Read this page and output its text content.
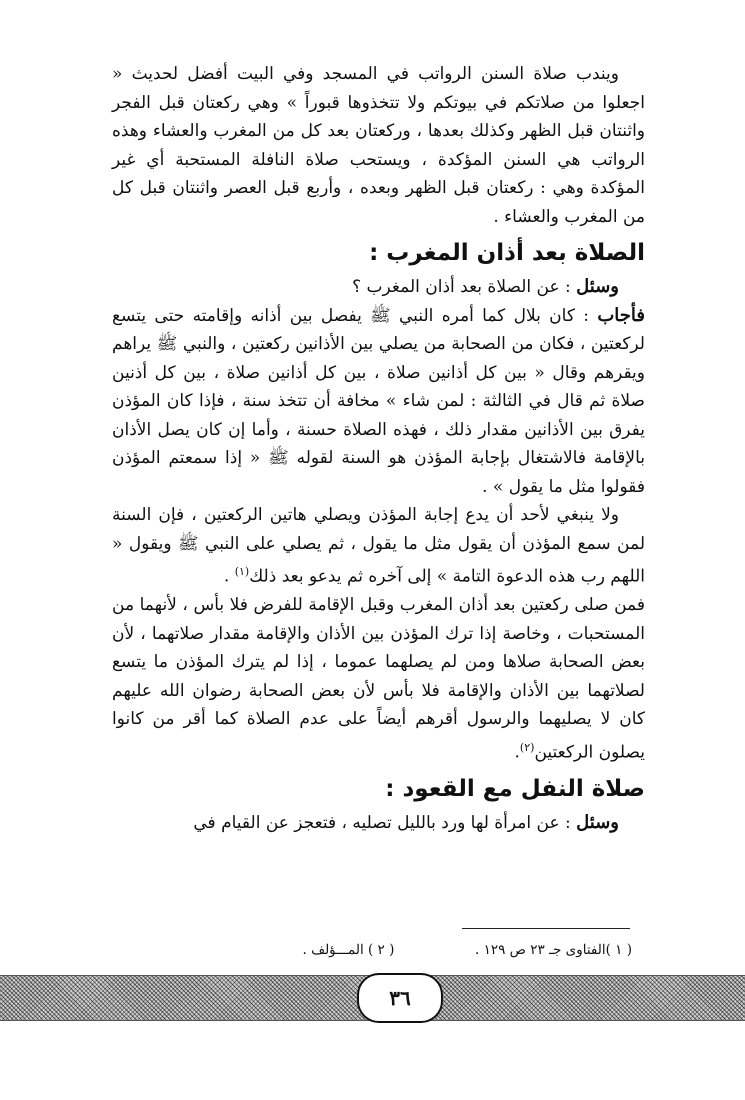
ويندب صلاة السنن الرواتب في المسجد وفي البيت أفضل لحديث « اجعلوا من صلاتكم في بيوتكم ولا تتخذوها قبوراً » وهي ركعتان قبل الفجر واثنتان قبل الظهر وكذلك بعدها ، وركعتان بعد كل من المغرب والعشاء وهذه الرواتب هي السنن المؤكدة ، ويستحب صلاة النافلة المستحبة أي غير المؤكدة وهي : ركعتان قبل الظهر وبعده ، وأربع قبل العصر واثنتان قبل كل من المغرب والعشاء .

الصلاة بعد أذان المغرب :

وسئل : عن الصلاة بعد أذان المغرب ؟

فأجاب : كان بلال كما أمره النبي ﷺ يفصل بين أذانه وإقامته حتى يتسع لركعتين ، فكان من الصحابة من يصلي بين الأذانين ركعتين ، والنبي ﷺ يراهم ويقرهم وقال « بين كل أذانين صلاة ، بين كل أذانين صلاة ، بين كل أذنين صلاة ثم قال في الثالثة : لمن شاء » مخافة أن تتخذ سنة ، فإذا كان المؤذن يفرق بين الأذانين مقدار ذلك ، فهذه الصلاة حسنة ، وأما إن كان يصل الأذان بالإقامة فالاشتغال بإجابة المؤذن هو السنة لقوله ﷺ « إذا سمعتم المؤذن فقولوا مثل ما يقول » .

ولا ينبغي لأحد أن يدع إجابة المؤذن ويصلي هاتين الركعتين ، فإن السنة لمن سمع المؤذن أن يقول مثل ما يقول ، ثم يصلي على النبي ﷺ ويقول « اللهم رب هذه الدعوة التامة » إلى آخره ثم يدعو بعد ذلك$^{(١)}$ .

فمن صلى ركعتين بعد أذان المغرب وقبل الإقامة للفرض فلا بأس ، لأنهما من المستحبات ، وخاصة إذا ترك المؤذن بين الأذان والإقامة مقدار صلاتهما ، لأن بعض الصحابة صلاها ومن لم يصلهما عموما ، إذا لم يترك المؤذن ما يتسع لصلاتهما بين الأذان والإقامة فلا بأس لأن بعض الصحابة رضوان الله عليهم كان لا يصليهما والرسول أقرهم أيضاً على عدم الصلاة كما أقر من كانوا يصلون الركعتين$^{(٢)}$.

صلاة النفل مع القعود :

وسئل : عن امرأة لها ورد بالليل تصليه ، فتعجز عن القيام في

( ١ )الفتاوى جـ ٢٣ ص ١٢٩ .  ( ٢ ) المـــؤلف .
٣٦
